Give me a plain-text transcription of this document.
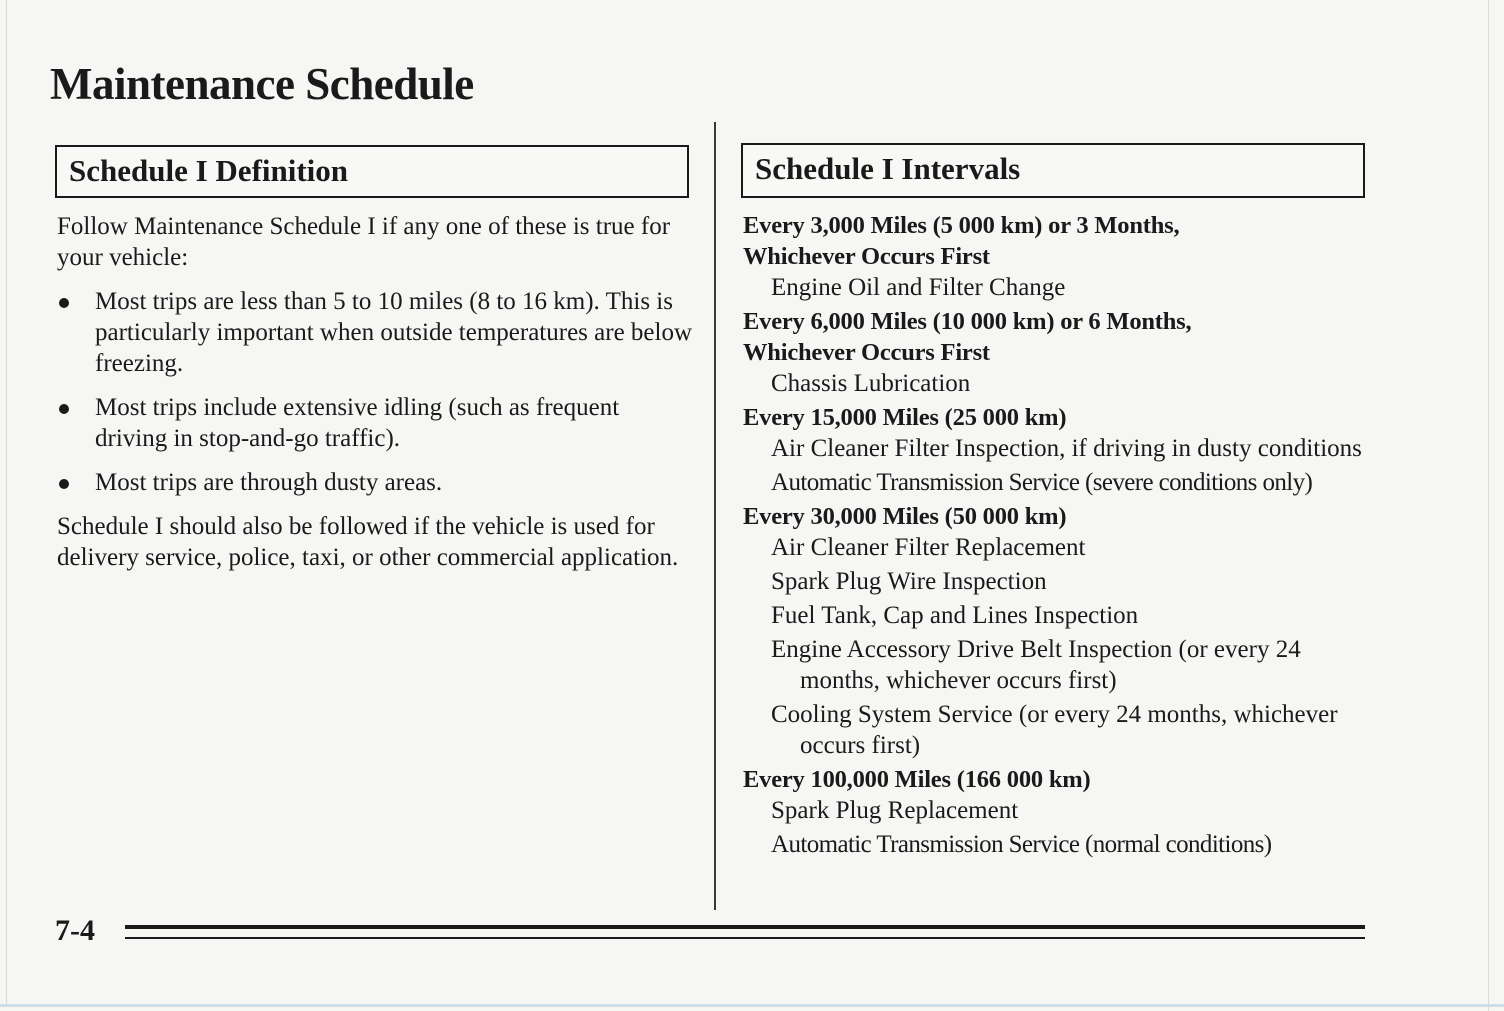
Maintenance Schedule
Schedule I Definition

Follow Maintenance Schedule I if any one of these is true for your vehicle:

Most trips are less than 5 to 10 miles (8 to 16 km). This is particularly important when outside temperatures are below freezing.
Most trips include extensive idling (such as frequent driving in stop-and-go traffic).
Most trips are through dusty areas.

Schedule I should also be followed if the vehicle is used for delivery service, police, taxi, or other commercial application.

Schedule I Intervals

Every 3,000 Miles (5 000 km) or 3 Months,
Whichever Occurs First

Engine Oil and Filter Change

Every 6,000 Miles (10 000 km) or 6 Months,
Whichever Occurs First

Chassis Lubrication

Every 15,000 Miles (25 000 km)

Air Cleaner Filter Inspection, if driving in dusty conditions

Automatic Transmission Service (severe conditions only)

Every 30,000 Miles (50 000 km)

Air Cleaner Filter Replacement

Spark Plug Wire Inspection

Fuel Tank, Cap and Lines Inspection

Engine Accessory Drive Belt Inspection (or every 24 months, whichever occurs first)

Cooling System Service (or every 24 months, whichever occurs first)

Every 100,000 Miles (166 000 km)

Spark Plug Replacement

Automatic Transmission Service (normal conditions)

7-4
